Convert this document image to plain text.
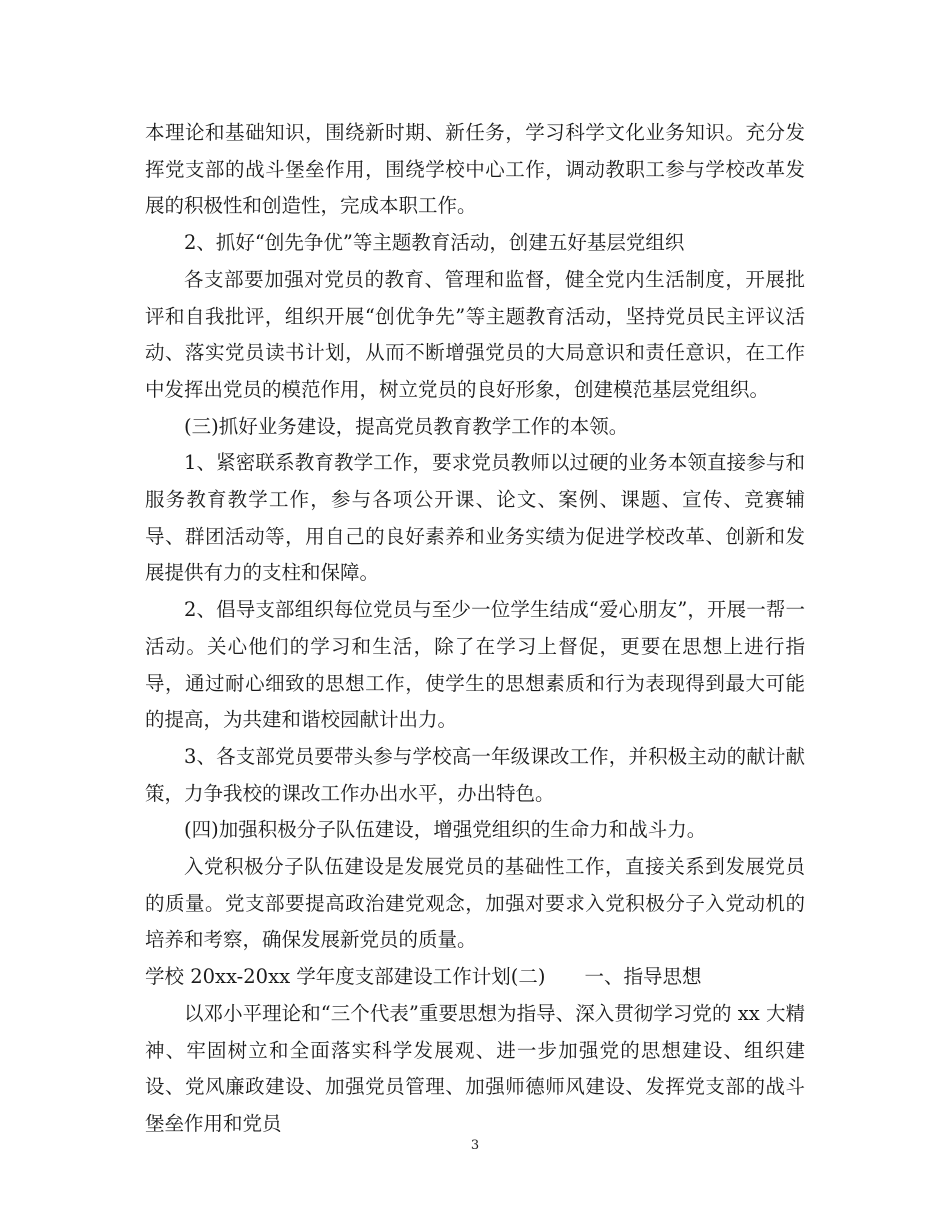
本理论和基础知识，围绕新时期、新任务，学习科学文化业务知识。充分发挥党支部的战斗堡垒作用，围绕学校中心工作，调动教职工参与学校改革发展的积极性和创造性，完成本职工作。

2、抓好“创先争优”等主题教育活动，创建五好基层党组织

各支部要加强对党员的教育、管理和监督，健全党内生活制度，开展批评和自我批评，组织开展“创优争先”等主题教育活动，坚持党员民主评议活动、落实党员读书计划，从而不断增强党员的大局意识和责任意识，在工作中发挥出党员的模范作用，树立党员的良好形象，创建模范基层党组织。

(三)抓好业务建设，提高党员教育教学工作的本领。

1、紧密联系教育教学工作，要求党员教师以过硬的业务本领直接参与和服务教育教学工作，参与各项公开课、论文、案例、课题、宣传、竞赛辅导、群团活动等，用自己的良好素养和业务实绩为促进学校改革、创新和发展提供有力的支柱和保障。

2、倡导支部组织每位党员与至少一位学生结成“爱心朋友”，开展一帮一活动。关心他们的学习和生活，除了在学习上督促，更要在思想上进行指导，通过耐心细致的思想工作，使学生的思想素质和行为表现得到最大可能的提高，为共建和谐校园献计出力。

3、各支部党员要带头参与学校高一年级课改工作，并积极主动的献计献策，力争我校的课改工作办出水平，办出特色。

(四)加强积极分子队伍建设，增强党组织的生命力和战斗力。

入党积极分子队伍建设是发展党员的基础性工作，直接关系到发展党员的质量。党支部要提高政治建党观念，加强对要求入党积极分子入党动机的培养和考察，确保发展新党员的质量。

学校 20xx-20xx 学年度支部建设工作计划(二)　　一、指导思想

以邓小平理论和“三个代表”重要思想为指导、深入贯彻学习党的 xx 大精神、牢固树立和全面落实科学发展观、进一步加强党的思想建设、组织建设、党风廉政建设、加强党员管理、加强师德师风建设、发挥党支部的战斗堡垒作用和党员

3
